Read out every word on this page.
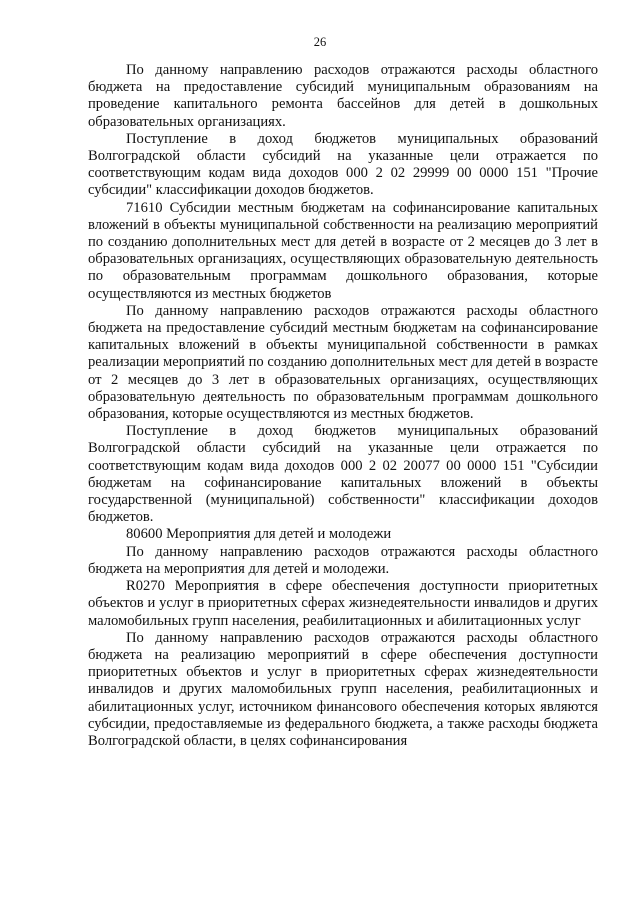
26

По данному направлению расходов отражаются расходы областного бюджета на предоставление субсидий муниципальным образованиям на проведение капитального ремонта бассейнов для детей в дошкольных образовательных организациях.

Поступление в доход бюджетов муниципальных образований Волгоградской области субсидий на указанные цели отражается по соответствующим кодам вида доходов 000 2 02 29999 00 0000 151 "Прочие субсидии" классификации доходов бюджетов.

71610 Субсидии местным бюджетам на софинансирование капитальных вложений в объекты муниципальной собственности на реализацию мероприятий по созданию дополнительных мест для детей в возрасте от 2 месяцев до 3 лет в образовательных организациях, осуществляющих образовательную деятельность по образовательным программам дошкольного образования, которые осуществляются из местных бюджетов

По данному направлению расходов отражаются расходы областного бюджета на предоставление субсидий местным бюджетам на софинансирование капитальных вложений в объекты муниципальной собственности в рамках реализации мероприятий по созданию дополнительных мест для детей в возрасте от 2 месяцев до 3 лет в образовательных организациях, осуществляющих образовательную деятельность по образовательным программам дошкольного образования, которые осуществляются из местных бюджетов.

Поступление в доход бюджетов муниципальных образований Волгоградской области субсидий на указанные цели отражается по соответствующим кодам вида доходов 000 2 02 20077 00 0000 151 "Субсидии бюджетам на софинансирование капитальных вложений в объекты государственной (муниципальной) собственности" классификации доходов бюджетов.

80600 Мероприятия для детей и молодежи

По данному направлению расходов отражаются расходы областного бюджета на мероприятия для детей и молодежи.

R0270 Мероприятия в сфере обеспечения доступности приоритетных объектов и услуг в приоритетных сферах жизнедеятельности инвалидов и других маломобильных групп населения, реабилитационных и абилитационных услуг

По данному направлению расходов отражаются расходы областного бюджета на реализацию мероприятий в сфере обеспечения доступности приоритетных объектов и услуг в приоритетных сферах жизнедеятельности инвалидов и других маломобильных групп населения, реабилитационных и абилитационных услуг, источником финансового обеспечения которых являются субсидии, предоставляемые из федерального бюджета, а также расходы бюджета Волгоградской области, в целях софинансирования
